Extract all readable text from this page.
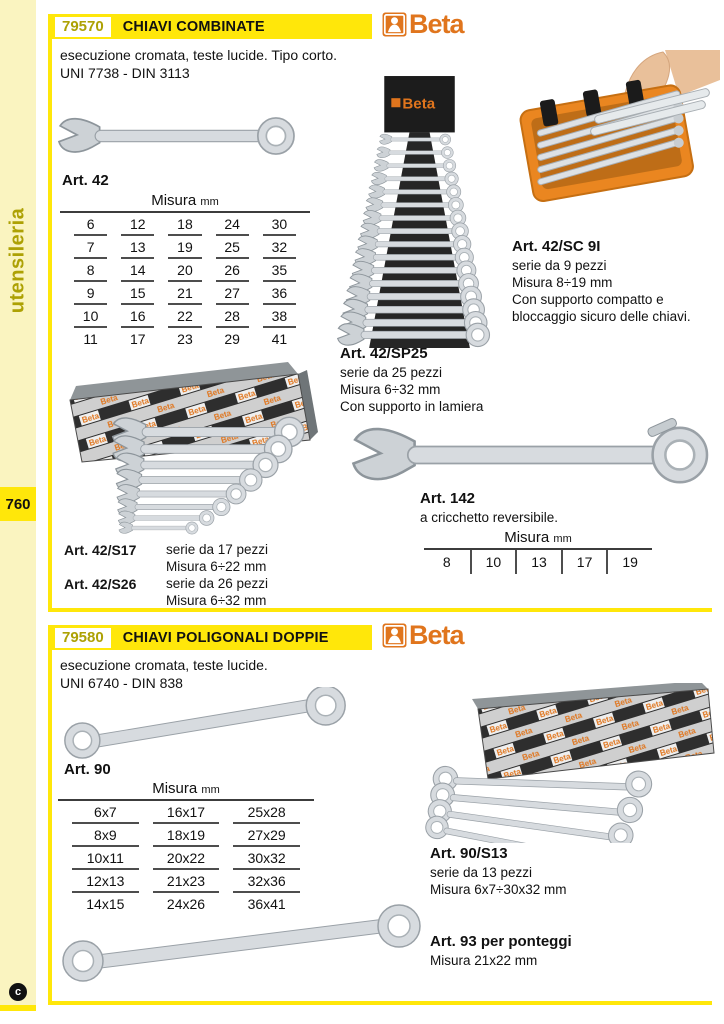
utensileria
760
c
79570	CHIAVI COMBINATE	Beta
esecuzione cromata, teste lucide. Tipo corto.
UNI 7738 - DIN 3113
Art. 42
Misura mm
6	12	18	24	30
7	13	19	25	32
8	14	20	26	35
9	15	21	27	36
10	16	22	28	38
11	17	23	29	41
Beta
Art. 42/SP25
serie da 25 pezzi
Misura 6÷32 mm
Con supporto in lamiera
Art. 42/SC 9I
serie da 9 pezzi
Misura 8÷19 mm
Con supporto compatto e
bloccaggio sicuro delle chiavi.
Art. 42/S17	serie da 17 pezzi
Misura 6÷22 mm
Art. 42/S26	serie da 26 pezzi
Misura 6÷32 mm
Art. 142
a cricchetto reversibile.
Misura mm
8	10	13	17	19
79580	CHIAVI POLIGONALI DOPPIE	Beta
esecuzione cromata, teste lucide.
UNI 6740 - DIN 838
Art. 90
Misura mm
6x7	16x17	25x28
8x9	18x19	27x29
10x11	20x22	30x32
12x13	21x23	32x36
14x15	24x26	36x41
Art. 90/S13
serie da 13 pezzi
Misura 6x7÷30x32 mm
Art. 93 per ponteggi
Misura 21x22 mm
